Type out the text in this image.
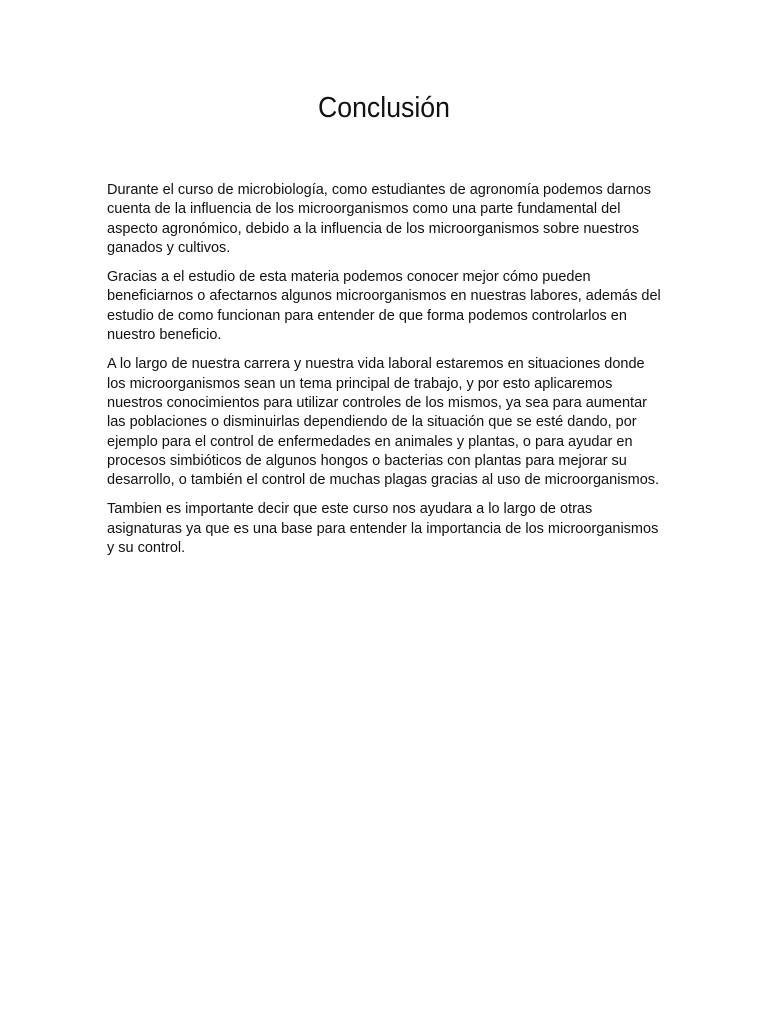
Conclusión

Durante el curso de microbiología, como estudiantes de agronomía podemos darnos cuenta de la influencia de los microorganismos como una parte fundamental del aspecto agronómico, debido a la influencia de los microorganismos sobre nuestros ganados y cultivos.

Gracias a el estudio de esta materia podemos conocer mejor cómo pueden beneficiarnos o afectarnos algunos microorganismos en nuestras labores, además del estudio de como funcionan para entender de que forma podemos controlarlos en nuestro beneficio.

A lo largo de nuestra carrera y nuestra vida laboral estaremos en situaciones donde los microorganismos sean un tema principal de trabajo, y por esto aplicaremos nuestros conocimientos para utilizar controles de los mismos, ya sea para aumentar las poblaciones o disminuirlas dependiendo de la situación que se esté dando, por ejemplo para el control de enfermedades en animales y plantas, o para ayudar en procesos simbióticos de algunos hongos o bacterias con plantas para mejorar su desarrollo, o también el control de muchas plagas gracias al uso de microorganismos.

Tambien es importante decir que este curso nos ayudara a lo largo de otras asignaturas ya que es una base para entender la importancia de los microorganismos y su control.
